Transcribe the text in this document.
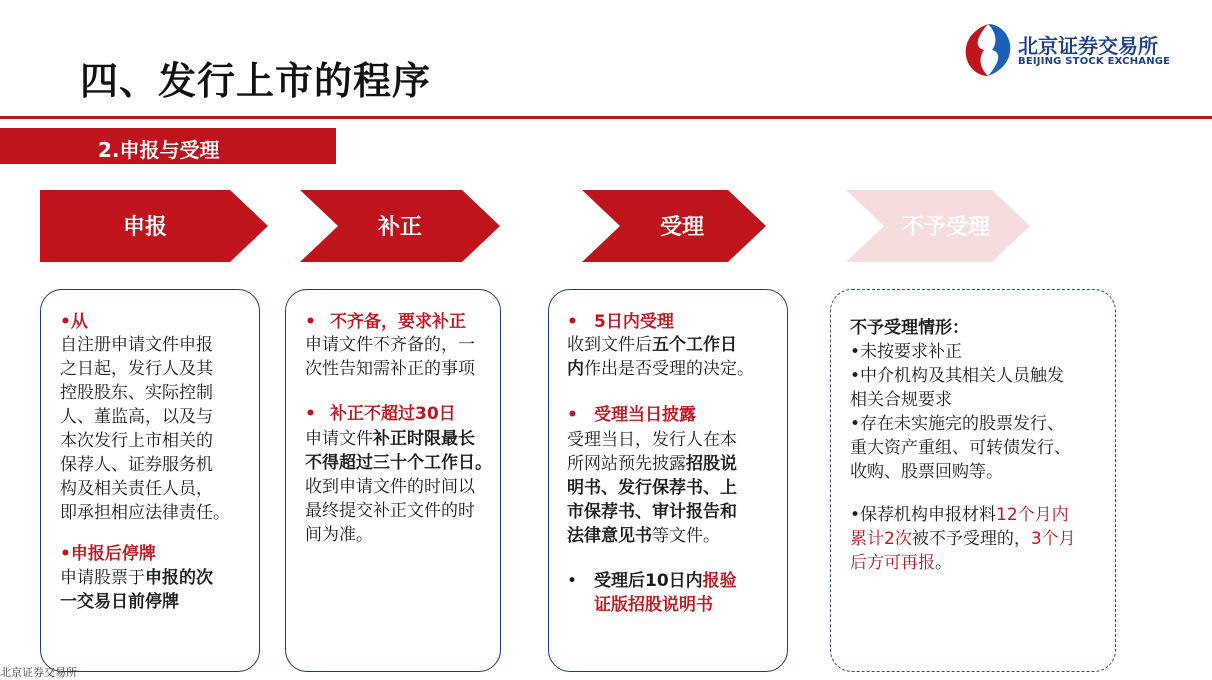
四、发行上市的程序
北京证券交易所
BEIJING STOCK EXCHANGE
2.申报与受理
申报	补正	受理	不予受理
•从
自注册申请文件申报
之日起，发行人及其
控股股东、实际控制
人、董监高，以及与
本次发行上市相关的
保荐人、证券服务机
构及相关责任人员，
即承担相应法律责任。
•申报后停牌
申请股票于申报的次
一交易日前停牌
• 不齐备，要求补正
申请文件不齐备的，一
次性告知需补正的事项
• 补正不超过30日
申请文件补正时限最长
不得超过三十个工作日。
收到申请文件的时间以
最终提交补正文件的时
间为准。
• 5日内受理
收到文件后五个工作日
内作出是否受理的决定。
• 受理当日披露
受理当日，发行人在本
所网站预先披露招股说
明书、发行保荐书、上
市保荐书、审计报告和
法律意见书等文件。
• 受理后10日内报验
证版招股说明书
不予受理情形：
•未按要求补正
•中介机构及其相关人员触发
相关合规要求
•存在未实施完的股票发行、
重大资产重组、可转债发行、
收购、股票回购等。
•保荐机构申报材料12个月内
累计2次被不予受理的，3个月
后方可再报。
北京证券交易所
